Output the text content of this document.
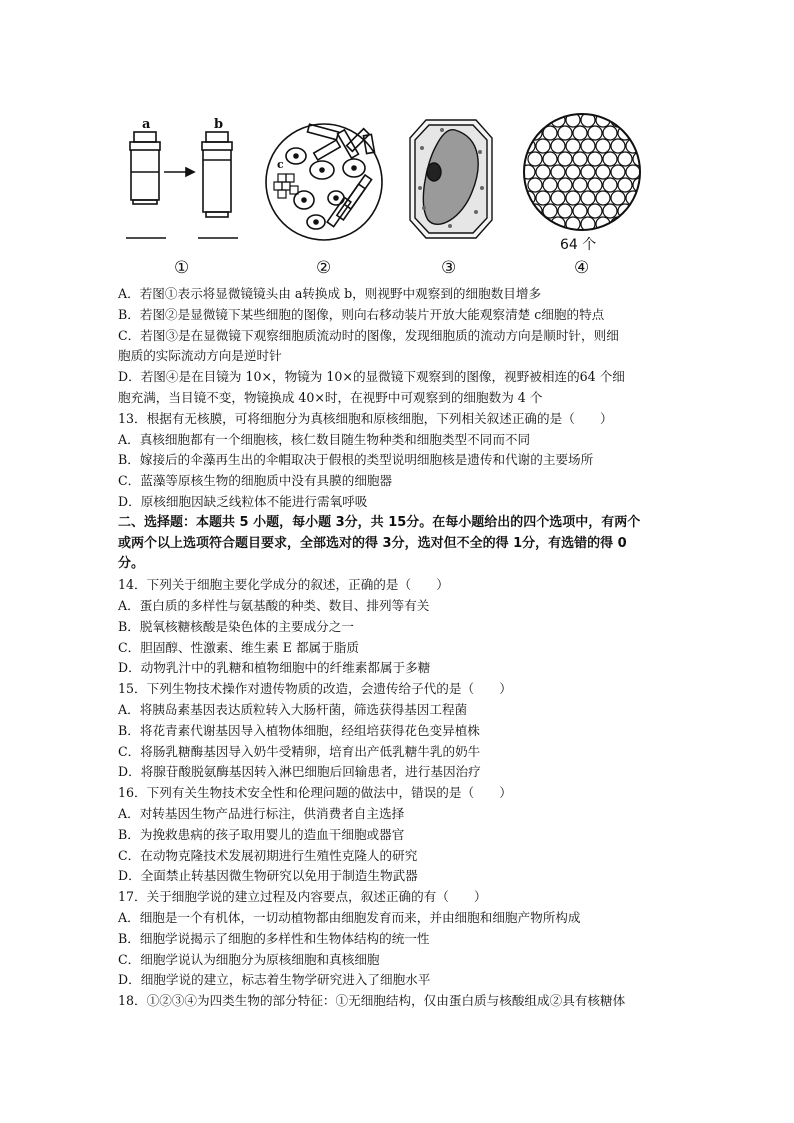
a	b
①
c
②	③
64 个
④
A．若图①表示将显微镜镜头由 a转换成 b，则视野中观察到的细胞数目增多
B．若图②是显微镜下某些细胞的图像，则向右移动装片开放大能观察清楚 c细胞的特点
C．若图③是在显微镜下观察细胞质流动时的图像，发现细胞质的流动方向是顺时针，则细
胞质的实际流动方向是逆时针
D．若图④是在目镜为 10×，物镜为 10×的显微镜下观察到的图像，视野被相连的64 个细
胞充满，当目镜不变，物镜换成 40×时，在视野中可观察到的细胞数为 4 个
13．根据有无核膜，可将细胞分为真核细胞和原核细胞，下列相关叙述正确的是（　　）
A．真核细胞都有一个细胞核，核仁数目随生物种类和细胞类型不同而不同
B．嫁接后的伞藻再生出的伞帽取决于假根的类型说明细胞核是遗传和代谢的主要场所
C．蓝藻等原核生物的细胞质中没有具膜的细胞器
D．原核细胞因缺乏线粒体不能进行需氧呼吸
二、选择题：本题共 5 小题，每小题 3分，共 15分。在每小题给出的四个选项中，有两个
或两个以上选项符合题目要求，全部选对的得 3分，选对但不全的得 1分，有选错的得 0
分。
14．下列关于细胞主要化学成分的叙述，正确的是（　　）
A．蛋白质的多样性与氨基酸的种类、数目、排列等有关
B．脱氧核糖核酸是染色体的主要成分之一
C．胆固醇、性激素、维生素 E 都属于脂质
D．动物乳汁中的乳糖和植物细胞中的纤维素都属于多糖
15．下列生物技术操作对遗传物质的改造，会遗传给子代的是（　　）
A．将胰岛素基因表达质粒转入大肠杆菌，筛选获得基因工程菌
B．将花青素代谢基因导入植物体细胞，经组培获得花色变异植株
C．将肠乳糖酶基因导入奶牛受精卵，培育出产低乳糖牛乳的奶牛
D．将腺苷酸脱氨酶基因转入淋巴细胞后回输患者，进行基因治疗
16．下列有关生物技术安全性和伦理问题的做法中，错误的是（　　）
A．对转基因生物产品进行标注，供消费者自主选择
B．为挽救患病的孩子取用婴儿的造血干细胞或器官
C．在动物克隆技术发展初期进行生殖性克隆人的研究
D．全面禁止转基因微生物研究以免用于制造生物武器
17．关于细胞学说的建立过程及内容要点，叙述正确的有（　　）
A．细胞是一个有机体，一切动植物都由细胞发育而来，并由细胞和细胞产物所构成
B．细胞学说揭示了细胞的多样性和生物体结构的统一性
C．细胞学说认为细胞分为原核细胞和真核细胞
D．细胞学说的建立，标志着生物学研究进入了细胞水平
18．①②③④为四类生物的部分特征：①无细胞结构，仅由蛋白质与核酸组成②具有核糖体
